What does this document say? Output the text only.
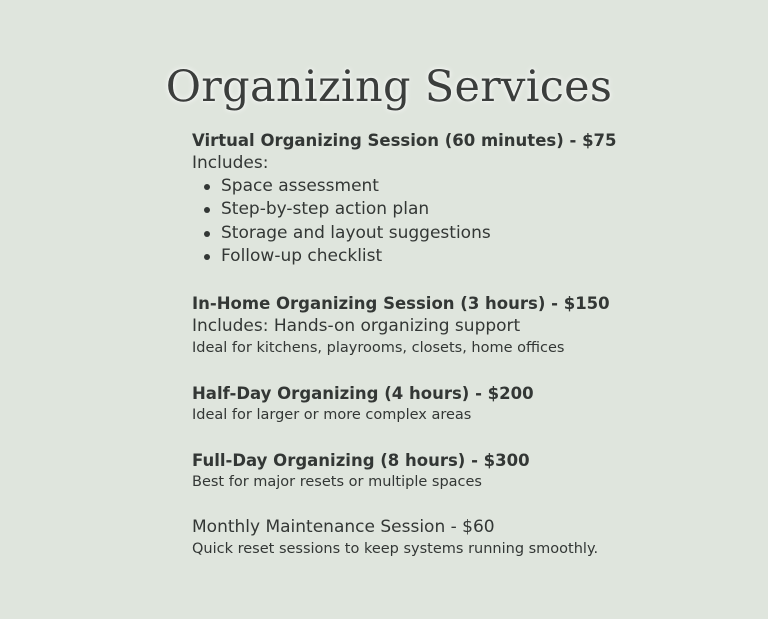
Organizing Services

Virtual Organizing Session (60 minutes) - $75

Includes:

Space assessment
Step-by-step action plan
Storage and layout suggestions
Follow-up checklist

In-Home Organizing Session (3 hours) - $150

Includes: Hands-on organizing support

Ideal for kitchens, playrooms, closets, home offices

Half-Day Organizing (4 hours) - $200

Ideal for larger or more complex areas

Full-Day Organizing (8 hours) - $300

Best for major resets or multiple spaces

Monthly Maintenance Session - $60

Quick reset sessions to keep systems running smoothly.
